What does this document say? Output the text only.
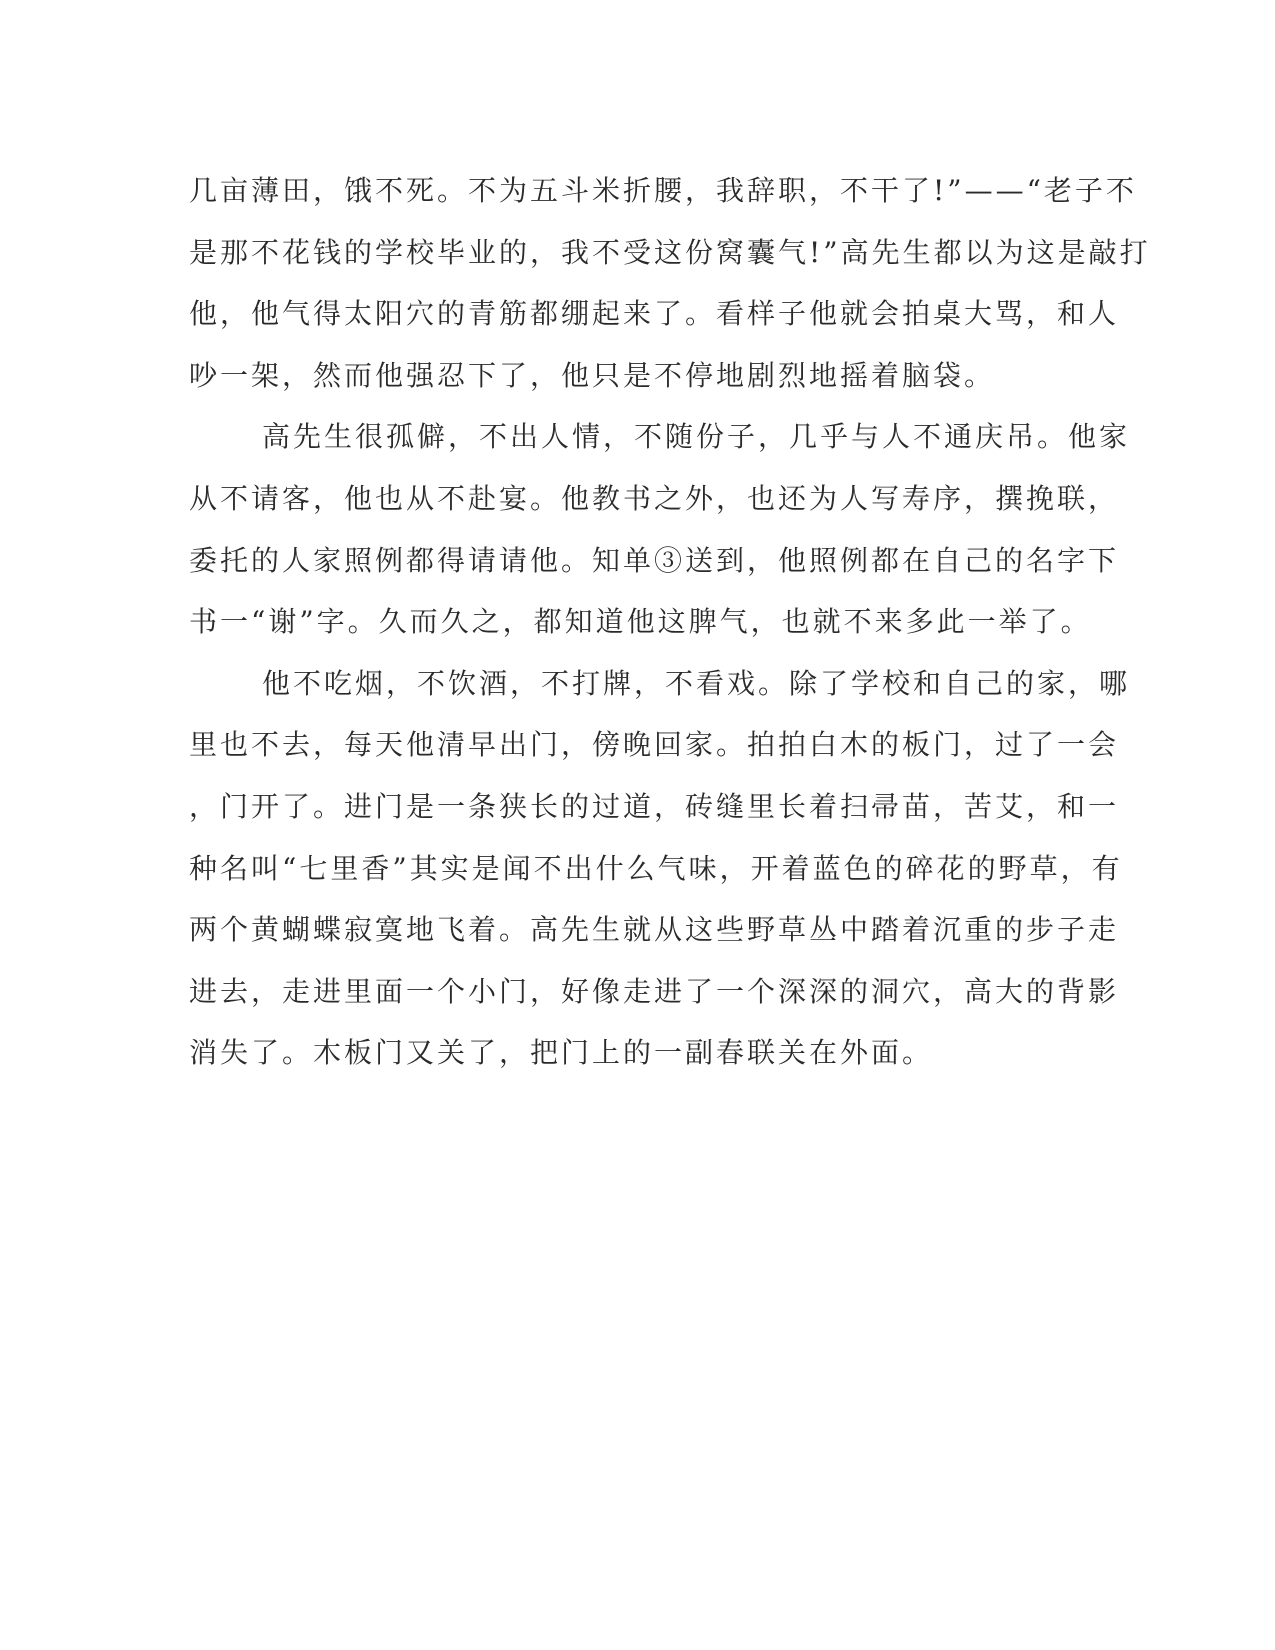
几亩薄田，饿不死。不为五斗米折腰，我辞职，不干了!”——“老子不
是那不花钱的学校毕业的，我不受这份窝囊气!”高先生都以为这是敲打
他，他气得太阳穴的青筋都绷起来了。看样子他就会拍桌大骂，和人
吵一架，然而他强忍下了，他只是不停地剧烈地摇着脑袋。
高先生很孤僻，不出人情，不随份子，几乎与人不通庆吊。他家
从不请客，他也从不赴宴。他教书之外，也还为人写寿序，撰挽联，
委托的人家照例都得请请他。知单③送到，他照例都在自己的名字下
书一“谢”字。久而久之，都知道他这脾气，也就不来多此一举了。
他不吃烟，不饮酒，不打牌，不看戏。除了学校和自己的家，哪
里也不去，每天他清早出门，傍晚回家。拍拍白木的板门，过了一会
，门开了。进门是一条狭长的过道，砖缝里长着扫帚苗，苦艾，和一
种名叫“七里香”其实是闻不出什么气味，开着蓝色的碎花的野草，有
两个黄蝴蝶寂寞地飞着。高先生就从这些野草丛中踏着沉重的步子走
进去，走进里面一个小门，好像走进了一个深深的洞穴，高大的背影
消失了。木板门又关了，把门上的一副春联关在外面。
